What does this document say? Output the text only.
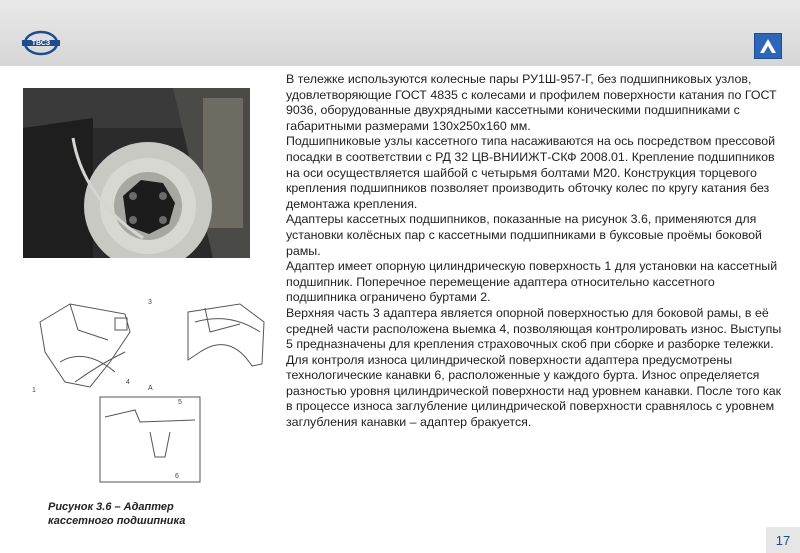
ТВСЗ
3
4
А
1
5
6
Рисунок 3.6 – Адаптер
кассетного подшипника

В тележке используются колесные пары РУ1Ш-957-Г, без подшипниковых узлов, удовлетворяющие ГОСТ 4835 с колесами и профилем поверхности катания по ГОСТ 9036, оборудованные двухрядными кассетными коническими подшипниками с габаритными размерами 130х250х160 мм.

Подшипниковые узлы кассетного типа насаживаются на ось посредством прессовой посадки в соответствии с РД 32 ЦВ-ВНИИЖТ-СКФ 2008.01. Крепление подшипников на оси осуществляется шайбой с четырьмя болтами М20. Конструкция торцевого крепления подшипников позволяет производить обточку колес по кругу катания без демонтажа крепления.

Адаптеры кассетных подшипников, показанные на рисунок 3.6, применяются для установки колёсных пар с кассетными подшипниками в буксовые проёмы боковой рамы.

Адаптер имеет опорную цилиндрическую поверхность 1 для установки на кассетный подшипник. Поперечное перемещение адаптера относительно кассетного подшипника ограничено буртами 2.

Верхняя часть 3 адаптера является опорной поверхностью для боковой рамы, в её средней части расположена выемка 4, позволяющая контролировать износ. Выступы 5 предназначены для крепления страховочных скоб при сборке и разборке тележки. Для контроля износа цилиндрической поверхности адаптера предусмотрены технологические канавки 6, расположенные у каждого бурта. Износ определяется разностью уровня цилиндрической поверхности над уровнем канавки. После того как в процессе износа заглубление цилиндрической поверхности сравнялось с уровнем заглубления канавки – адаптер бракуется.

17
